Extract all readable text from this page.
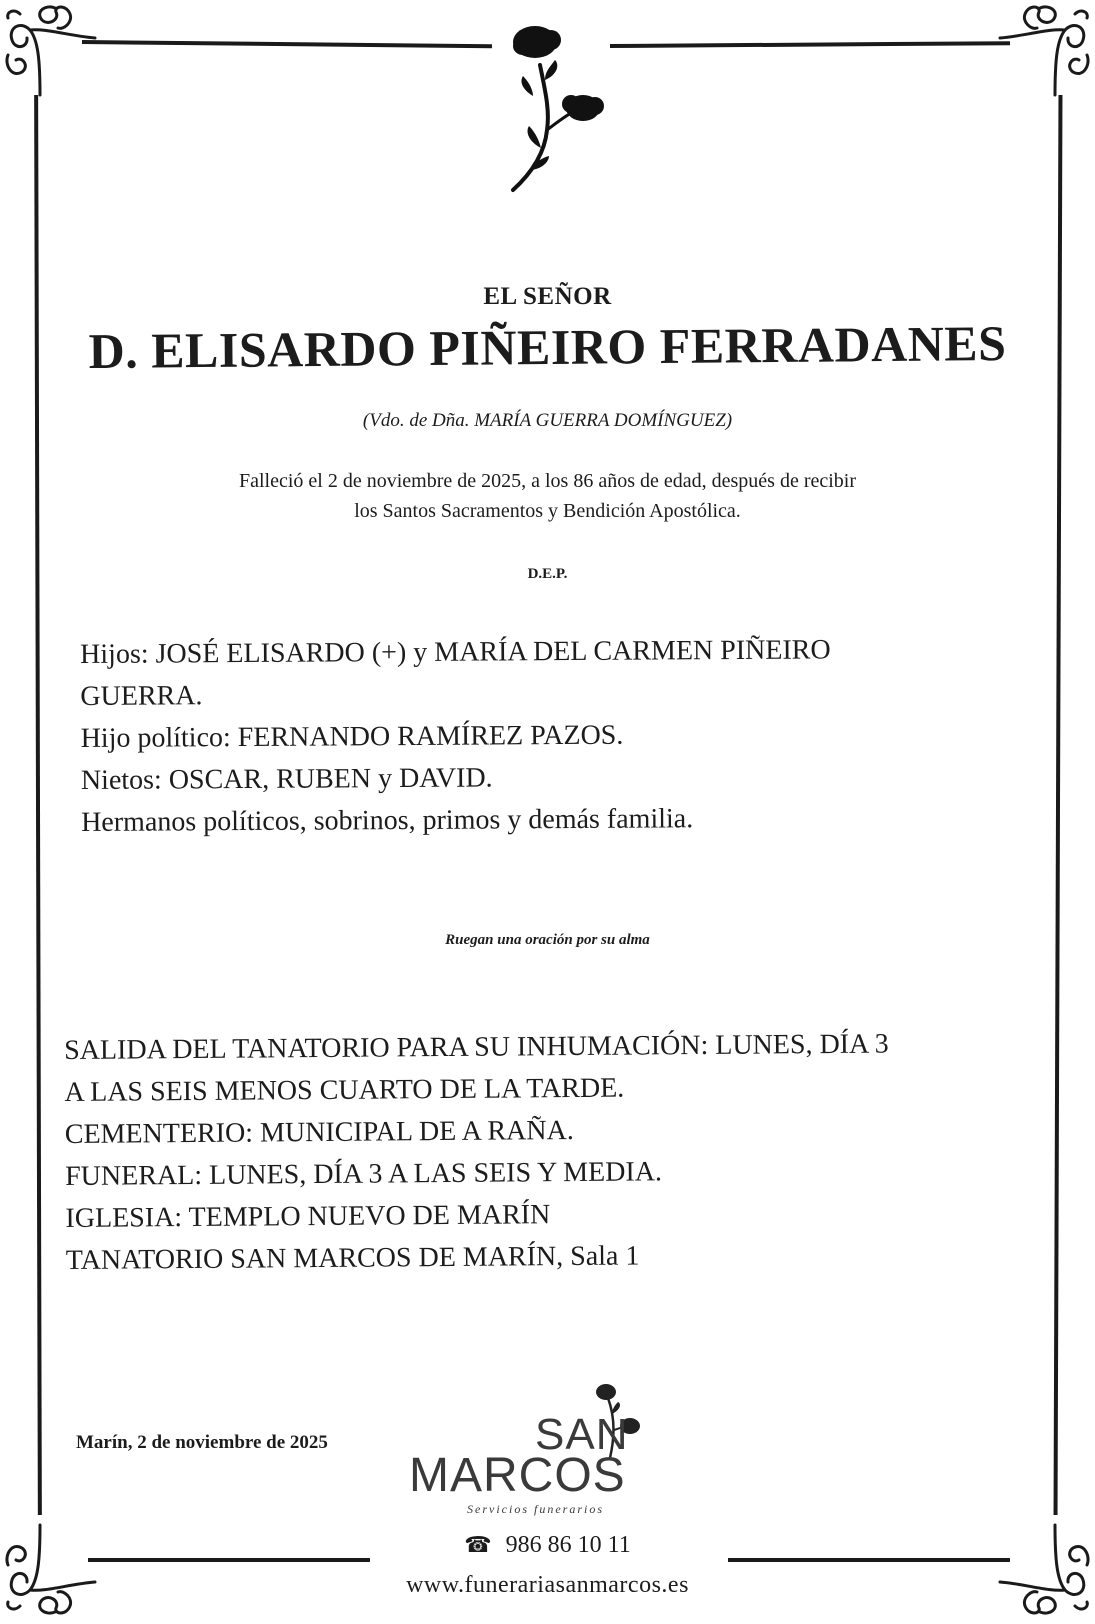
EL SEÑOR
D. ELISARDO PIÑEIRO FERRADANES
(Vdo. de Dña. MARÍA GUERRA DOMÍNGUEZ)
Falleció el 2 de noviembre de 2025, a los 86 años de edad, después de recibir
los Santos Sacramentos y Bendición Apostólica.
D.E.P.
Hijos: JOSÉ ELISARDO (+) y MARÍA DEL CARMEN PIÑEIRO
GUERRA.
Hijo político: FERNANDO RAMÍREZ PAZOS.
Nietos: OSCAR, RUBEN y DAVID.
Hermanos políticos, sobrinos, primos y demás familia.
Ruegan una oración por su alma
SALIDA DEL TANATORIO PARA SU INHUMACIÓN: LUNES, DÍA 3
A LAS SEIS MENOS CUARTO DE LA TARDE.
CEMENTERIO: MUNICIPAL DE A RAÑA.
FUNERAL: LUNES, DÍA 3 A LAS SEIS Y MEDIA.
IGLESIA: TEMPLO NUEVO DE MARÍN
TANATORIO SAN MARCOS DE MARÍN, Sala 1
Marín, 2 de noviembre de 2025	SAN
MARCOS
Servicios funerarios
☎ 986 86 10 11
www.funerariasanmarcos.es
